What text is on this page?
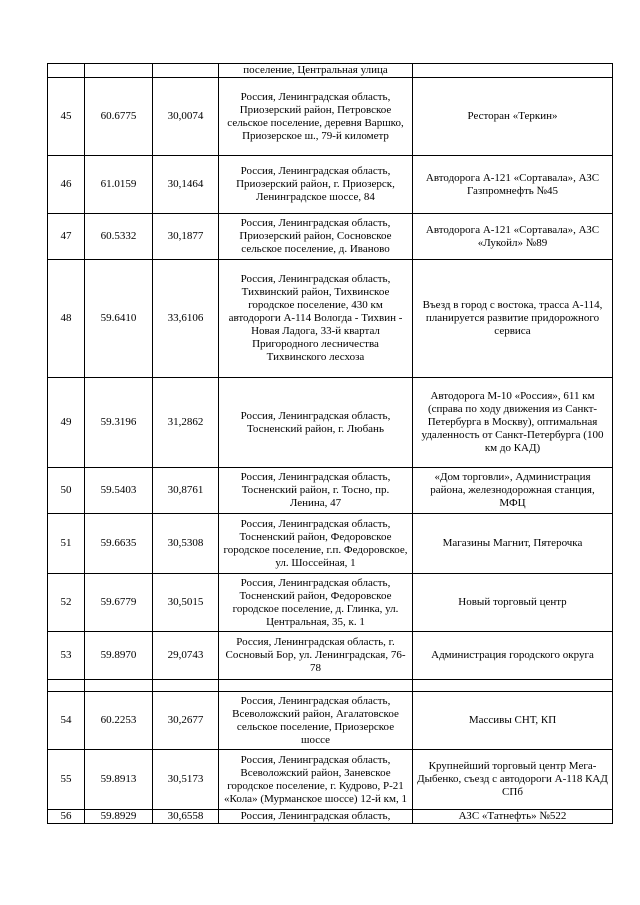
			поселение, Центральная улица	
45	60.6775	30,0074	Россия, Ленинградская область, Приозерский район, Петровское сельское поселение, деревня Варшко, Приозерское ш., 79-й километр	Ресторан «Теркин»
46	61.0159	30,1464	Россия, Ленинградская область, Приозерский район, г. Приозерск, Ленинградское шоссе, 84	Автодорога А-121 «Сортавала», АЗС Газпромнефть №45
47	60.5332	30,1877	Россия, Ленинградская область, Приозерский район, Сосновское сельское поселение, д. Иваново	Автодорога А-121 «Сортавала», АЗС «Лукойл» №89
48	59.6410	33,6106	Россия, Ленинградская область, Тихвинский район, Тихвинское городское поселение, 430 км автодороги А-114 Вологда - Тихвин - Новая Ладога, 33-й квартал Пригородного лесничества Тихвинского лесхоза	Въезд в город с востока, трасса А-114, планируется развитие придорожного сервиса
49	59.3196	31,2862	Россия, Ленинградская область, Тосненский район, г. Любань	Автодорога М-10 «Россия», 611 км (справа по ходу движения из Санкт-Петербурга в Москву), оптимальная удаленность от Санкт-Петербурга (100 км до КАД)
50	59.5403	30,8761	Россия, Ленинградская область, Тосненский район, г. Тосно, пр. Ленина, 47	«Дом торговли», Администрация района, железнодорожная станция, МФЦ
51	59.6635	30,5308	Россия, Ленинградская область, Тосненский район, Федоровское городское поселение, г.п. Федоровское, ул. Шоссейная, 1	Магазины Магнит, Пятерочка
52	59.6779	30,5015	Россия, Ленинградская область, Тосненский район, Федоровское городское поселение, д. Глинка, ул. Центральная, 35, к. 1	Новый торговый центр
53	59.8970	29,0743	Россия, Ленинградская область, г. Сосновый Бор, ул. Ленинградская, 76-78	Администрация городского округа

54	60.2253	30,2677	Россия, Ленинградская область, Всеволожский район, Агалатовское сельское поселение, Приозерское шоссе	Массивы СНТ, КП
55	59.8913	30,5173	Россия, Ленинградская область, Всеволожский район, Заневское городское поселение, г. Кудрово, Р-21 «Кола» (Мурманское шоссе) 12-й км, 1	Крупнейший торговый центр Мега-Дыбенко, съезд с автодороги А-118 КАД СПб
56	59.8929	30,6558	Россия, Ленинградская область,	АЗС «Татнефть» №522
